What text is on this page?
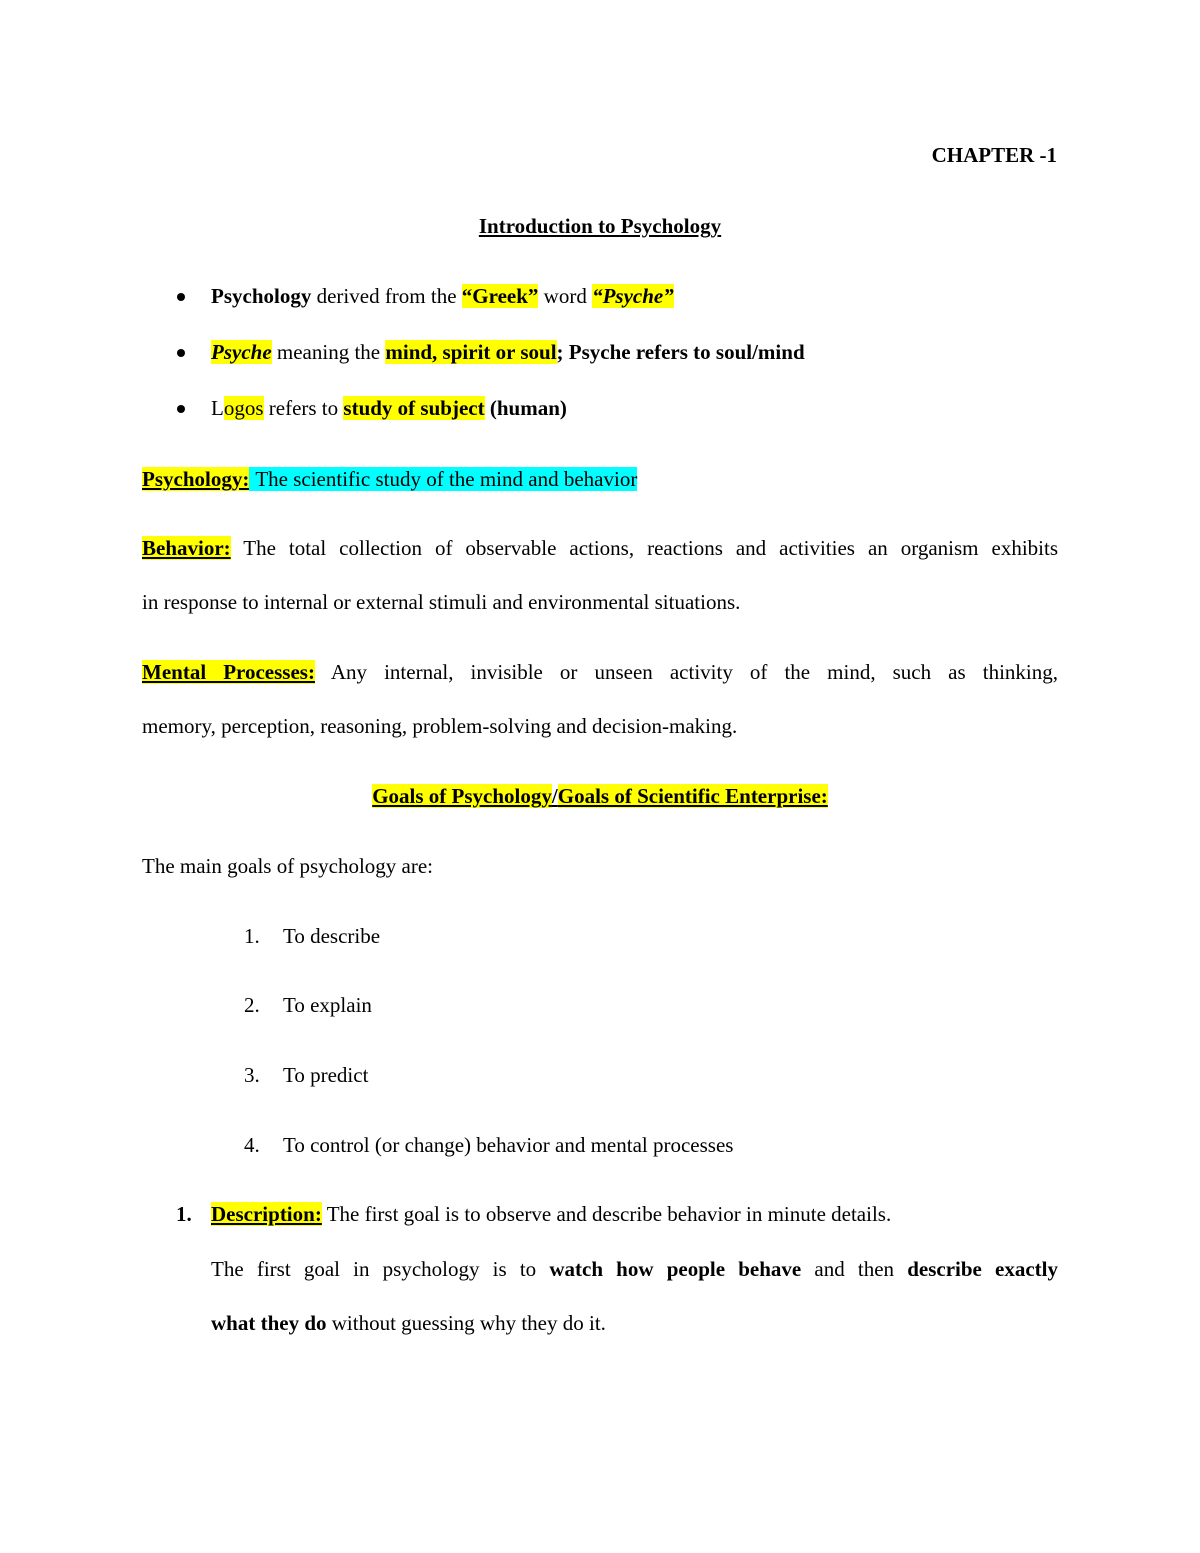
CHAPTER -1
Introduction to Psychology
Psychology derived from the “Greek” word “Psyche”
Psyche meaning the mind, spirit or soul; Psyche refers to soul/mind
Logos refers to study of subject (human)
Psychology: The scientific study of the mind and behavior
Behavior: The total collection of observable actions, reactions and activities an organism exhibits
in response to internal or external stimuli and environmental situations.
Mental Processes: Any internal, invisible or unseen activity of the mind, such as thinking,
memory, perception, reasoning, problem-solving and decision-making.
Goals of Psychology/Goals of Scientific Enterprise:
The main goals of psychology are:
1. To describe
2. To explain
3. To predict
4. To control (or change) behavior and mental processes
1. Description: The first goal is to observe and describe behavior in minute details.
The first goal in psychology is to watch how people behave and then describe exactly
what they do without guessing why they do it.
